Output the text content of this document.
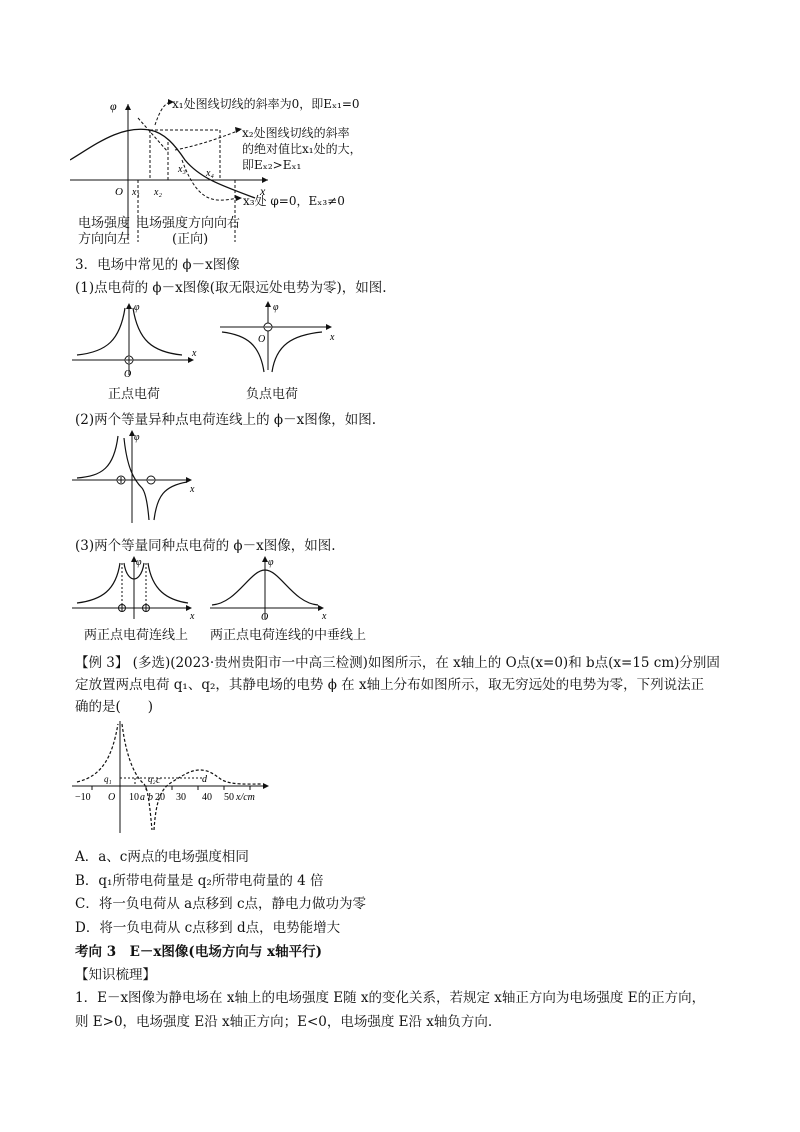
φ
x
O x₁ x₂
x₃ x₄
x₁处图线切线的斜率为0，即Eₓ₁=0
x₂处图线切线的斜率
的绝对值比x₁处的大，
即Eₓ₂>Eₓ₁
x₃处 φ=0，Eₓ₃≠0
电场强度
方向向左
电场强度方向向右
(正向)
3．电场中常见的 ϕ－x图像
(1)点电荷的 ϕ－x图像(取无限远处电势为零)，如图.
φ
x
O
φ
x
O
正点电荷	负点电荷
(2)两个等量异种点电荷连线上的 ϕ－x图像，如图.
φ
x
(3)两个等量同种点电荷的 ϕ－x图像，如图.
φ
x
φ
x
O
两正点电荷连线上 两正点电荷连线的中垂线上
【例 3】 (多选)(2023·贵州贵阳市一中高三检测)如图所示，在 x轴上的 O点(x=0)和 b点(x=15 cm)分别固
定放置两点电荷 q₁、q₂，其静电场的电势 ϕ 在 x轴上分布如图所示，取无穷远处的电势为零，下列说法正
确的是(　　)
q₁	q₂
−10 O 10 a b 20
c
30
d
40 50 x/cm
A．a、c两点的电场强度相同
B．q₁所带电荷量是 q₂所带电荷量的 4 倍
C．将一负电荷从 a点移到 c点，静电力做功为零
D．将一负电荷从 c点移到 d点，电势能增大
考向 3　E－x图像(电场方向与 x轴平行)
【知识梳理】
1．E－x图像为静电场在 x轴上的电场强度 E随 x的变化关系，若规定 x轴正方向为电场强度 E的正方向，
则 E>0，电场强度 E沿 x轴正方向；E<0，电场强度 E沿 x轴负方向.
